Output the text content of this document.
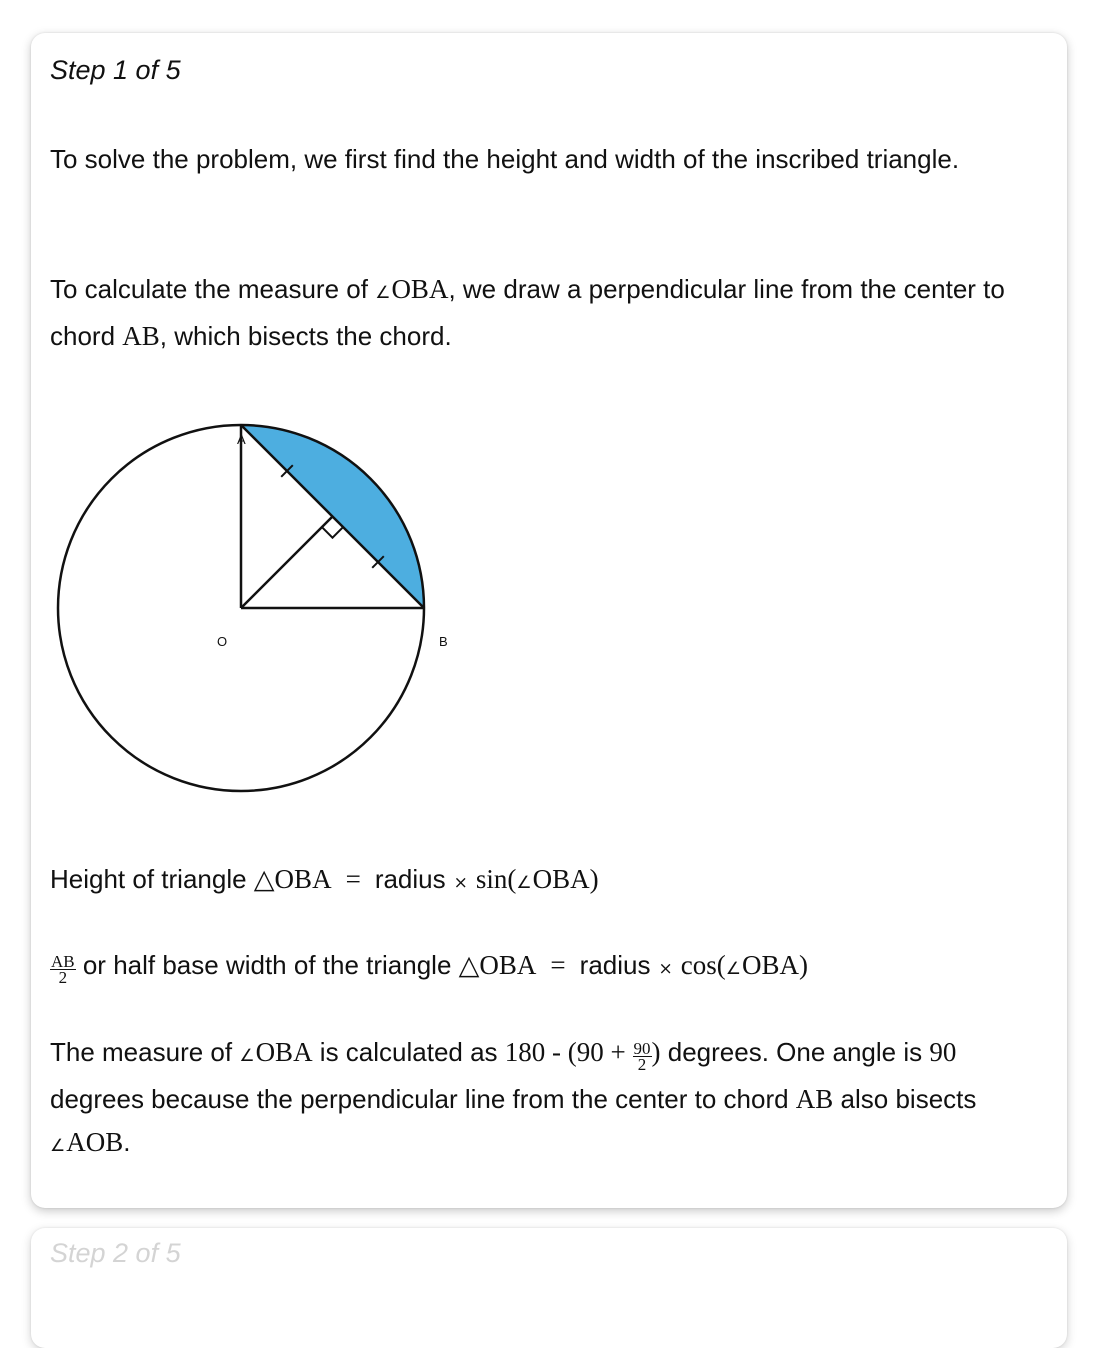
Step 1 of 5

To solve the problem, we first find the height and width of the inscribed triangle.

To calculate the measure of ∠OBA, we draw a perpendicular line from the center to chord AB, which bisects the chord.

A
O	B

Height of triangle △OBA = radius × sin(∠OBA)

$\frac{AB}{2}$ or half base width of the triangle △OBA = radius × cos(∠OBA)

The measure of ∠OBA is calculated as $180 - (90 + \frac{90}{2}$ ) degrees. One angle is 90 degrees because the perpendicular line from the center to chord AB also bisects ∠AOB.

Step 2 of 5
